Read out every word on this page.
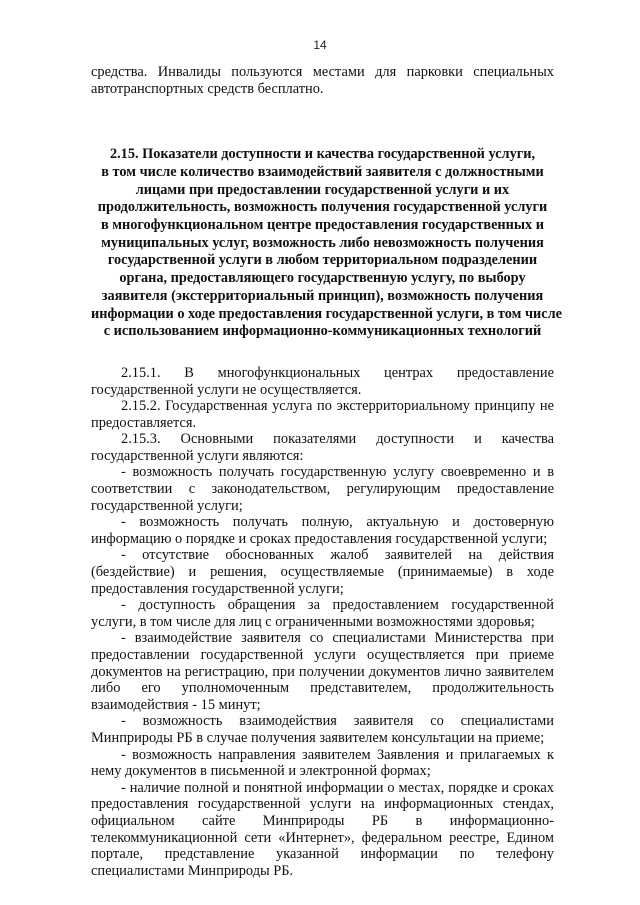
14

средства. Инвалиды пользуются местами для парковки специальных автотранспортных средств бесплатно.

2.15. Показатели доступности и качества государственной услуги,
в том числе количество взаимодействий заявителя с должностными
лицами при предоставлении государственной услуги и их
продолжительность, возможность получения государственной услуги
в многофункциональном центре предоставления государственных и
муниципальных услуг, возможность либо невозможность получения
государственной услуги в любом территориальном подразделении
органа, предоставляющего государственную услугу, по выбору
заявителя (экстерриториальный принцип), возможность получения
информации о ходе предоставления государственной услуги, в том числе
с использованием информационно-коммуникационных технологий

2.15.1. В многофункциональных центрах предоставление государственной услуги не осуществляется.

2.15.2. Государственная услуга по экстерриториальному принципу не предоставляется.

2.15.3. Основными показателями доступности и качества государственной услуги являются:

- возможность получать государственную услугу своевременно и в соответствии с законодательством, регулирующим предоставление государственной услуги;

- возможность получать полную, актуальную и достоверную информацию о порядке и сроках предоставления государственной услуги;

- отсутствие обоснованных жалоб заявителей на действия (бездействие) и решения, осуществляемые (принимаемые) в ходе предоставления государственной услуги;

- доступность обращения за предоставлением государственной услуги, в том числе для лиц с ограниченными возможностями здоровья;

- взаимодействие заявителя со специалистами Министерства при предоставлении государственной услуги осуществляется при приеме документов на регистрацию, при получении документов лично заявителем либо его уполномоченным представителем, продолжительность взаимодействия - 15 минут;

- возможность взаимодействия заявителя со специалистами Минприроды РБ в случае получения заявителем консультации на приеме;

- возможность направления заявителем Заявления и прилагаемых к нему документов в письменной и электронной формах;

- наличие полной и понятной информации о местах, порядке и сроках предоставления государственной услуги на информационных стендах, официальном сайте Минприроды РБ в информационно-телекоммуникационной сети «Интернет», федеральном реестре, Едином портале, представление указанной информации по телефону специалистами Минприроды РБ.
